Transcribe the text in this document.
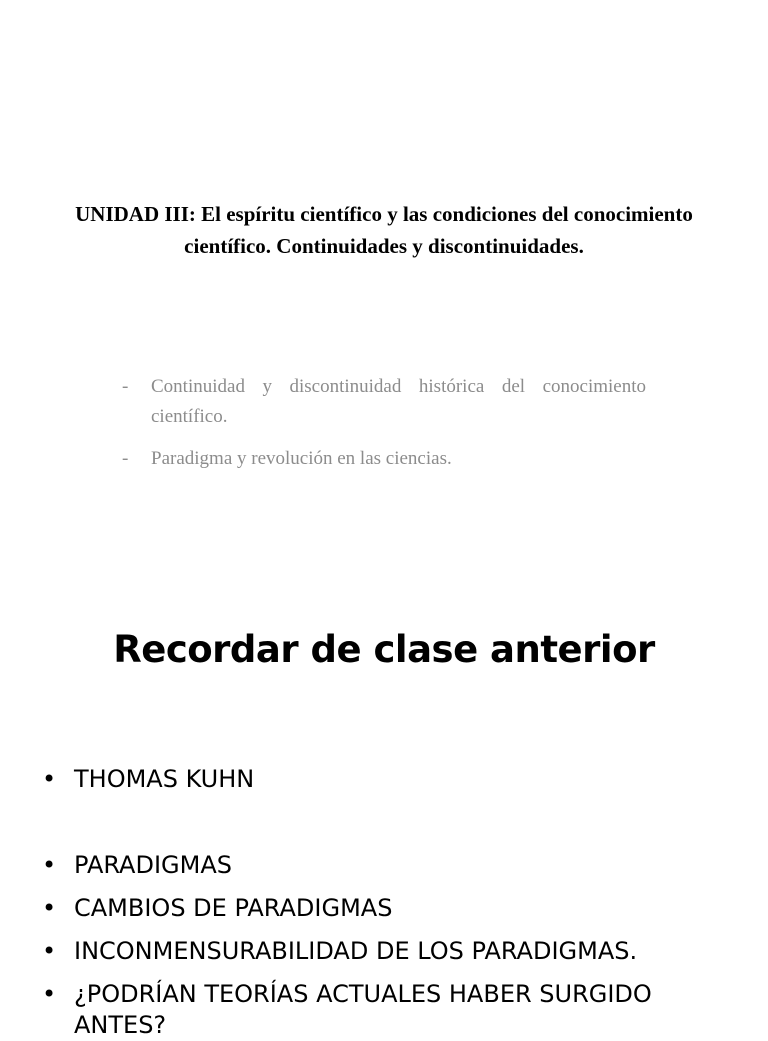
UNIDAD III: El espíritu científico y las condiciones del conocimiento científico. Continuidades y discontinuidades.
- Continuidad y discontinuidad histórica del conocimiento científico.
- Paradigma y revolución en las ciencias.
Recordar de clase anterior
• THOMAS KUHN
• PARADIGMAS
• CAMBIOS DE PARADIGMAS
• INCONMENSURABILIDAD DE LOS PARADIGMAS.
• ¿PODRÍAN TEORÍAS ACTUALES HABER SURGIDO ANTES?
